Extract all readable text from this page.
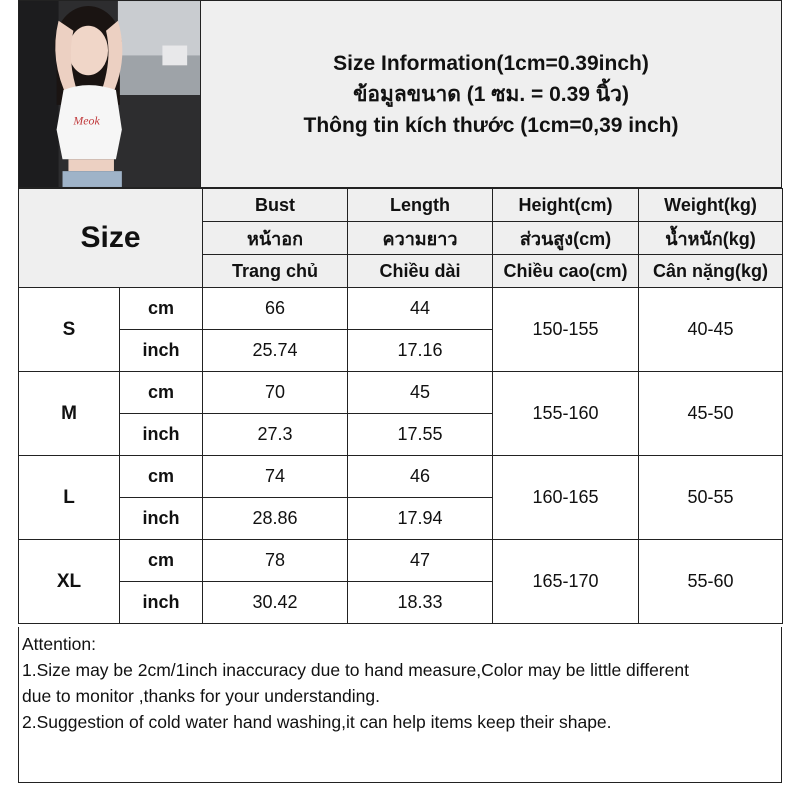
Meok
Size Information(1cm=0.39inch)
ข้อมูลขนาด (1 ซม. = 0.39 นิ้ว)
Thông tin kích thước (1cm=0,39 inch)
Size		Bust	Length	Height(cm)	Weight(kg)
		หน้าอก	ความยาว	ส่วนสูง(cm)	น้ำหนัก(kg)
		Trang chủ	Chiều dài	Chiều cao(cm)	Cân nặng(kg)
S	cm	66	44	150-155	40-45
	inch	25.74	17.16		
M	cm	70	45	155-160	45-50
	inch	27.3	17.55		
L	cm	74	46	160-165	50-55
	inch	28.86	17.94		
XL	cm	78	47	165-170	55-60
	inch	30.42	18.33		

Attention:

1.Size may be 2cm/1inch inaccuracy due to hand measure,Color may be little different

due to monitor ,thanks for your understanding.

2.Suggestion of cold water hand washing,it can help items keep their shape.
